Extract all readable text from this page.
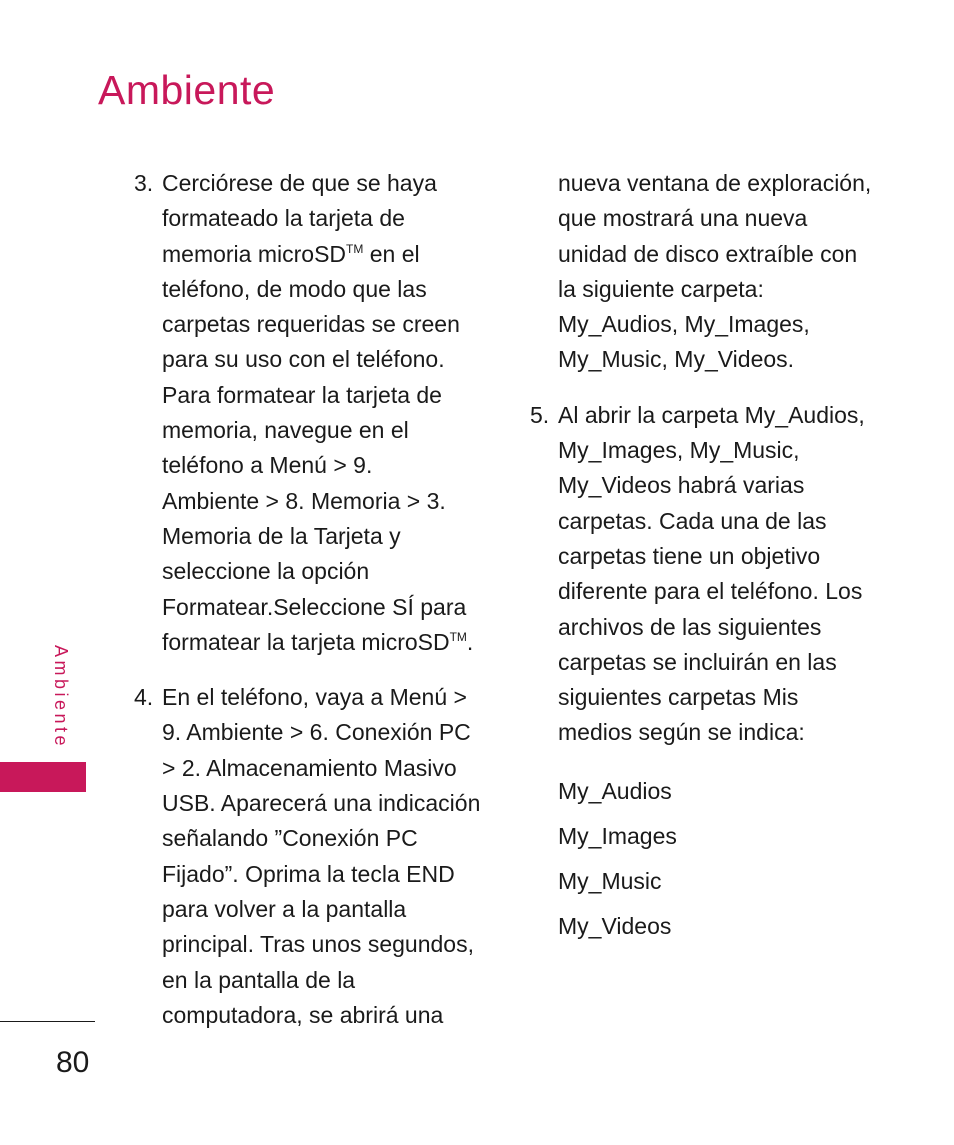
Ambiente
3. Cerciórese de que se haya
formateado la tarjeta de
memoria microSD™ en el
teléfono, de modo que las
carpetas requeridas se creen
para su uso con el teléfono.
Para formatear la tarjeta de
memoria, navegue en el
teléfono a Menú > 9.
Ambiente > 8. Memoria > 3.
Memoria de la Tarjeta y
seleccione la opción
Formatear.Seleccione SÍ para
formatear la tarjeta microSD™.
4. En el teléfono, vaya a Menú >
9. Ambiente > 6. Conexión PC
> 2. Almacenamiento Masivo
USB. Aparecerá una indicación
señalando ”Conexión PC
Fijado”. Oprima la tecla END
para volver a la pantalla
principal. Tras unos segundos,
en la pantalla de la
computadora, se abrirá una
nueva ventana de exploración,
que mostrará una nueva
unidad de disco extraíble con
la siguiente carpeta:
My_Audios, My_Images,
My_Music, My_Videos.
5. Al abrir la carpeta My_Audios,
My_Images, My_Music,
My_Videos habrá varias
carpetas. Cada una de las
carpetas tiene un objetivo
diferente para el teléfono. Los
archivos de las siguientes
carpetas se incluirán en las
siguientes carpetas Mis
medios según se indica:
My_Audios
My_Images
My_Music
My_Videos
Ambiente
80
